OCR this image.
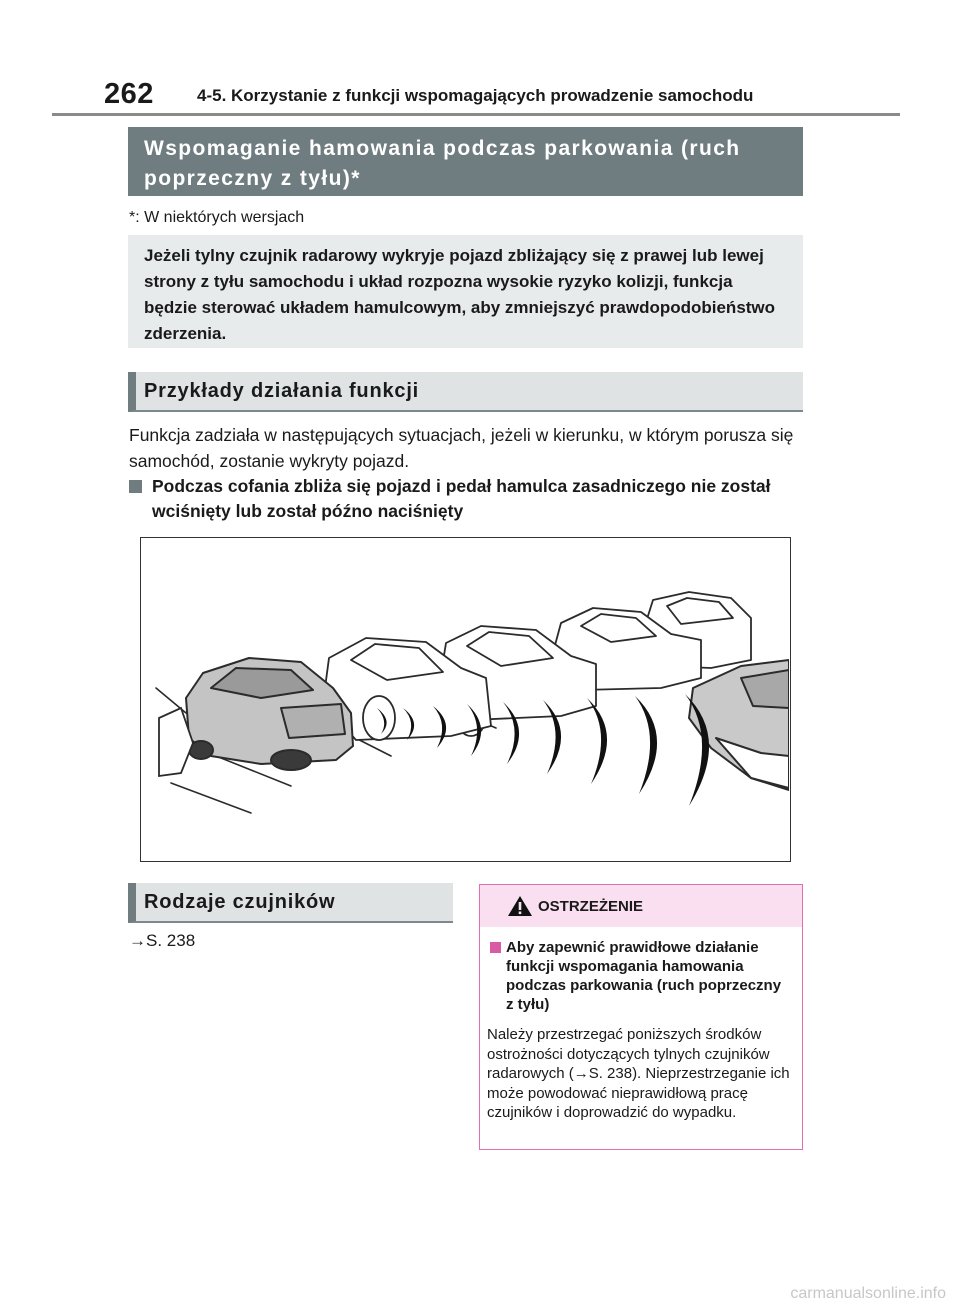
262	4-5. Korzystanie z funkcji wspomagających prowadzenie samochodu
Wspomaganie hamowania podczas parkowania (ruch poprzeczny z tyłu)*
*: W niektórych wersjach
Jeżeli tylny czujnik radarowy wykryje pojazd zbliżający się z prawej lub lewej strony z tyłu samochodu i układ rozpozna wysokie ryzyko kolizji, funkcja będzie sterować układem hamulcowym, aby zmniejszyć prawdopodobieństwo zderzenia.
Przykłady działania funkcji
Funkcja zadziała w następujących sytuacjach, jeżeli w kierunku, w którym porusza się samochód, zostanie wykryty pojazd.
Podczas cofania zbliża się pojazd i pedał hamulca zasadniczego nie został wciśnięty lub został późno naciśnięty
Rodzaje czujników
→S. 238
OSTRZEŻENIE
Aby zapewnić prawidłowe działanie funkcji wspomagania hamowania podczas parkowania (ruch poprzeczny z tyłu)
Należy przestrzegać poniższych środków ostrożności dotyczących tylnych czujników radarowych (→S. 238). Nieprzestrzeganie ich może powodować nieprawidłową pracę czujników i doprowadzić do wypadku.
carmanualsonline.info
